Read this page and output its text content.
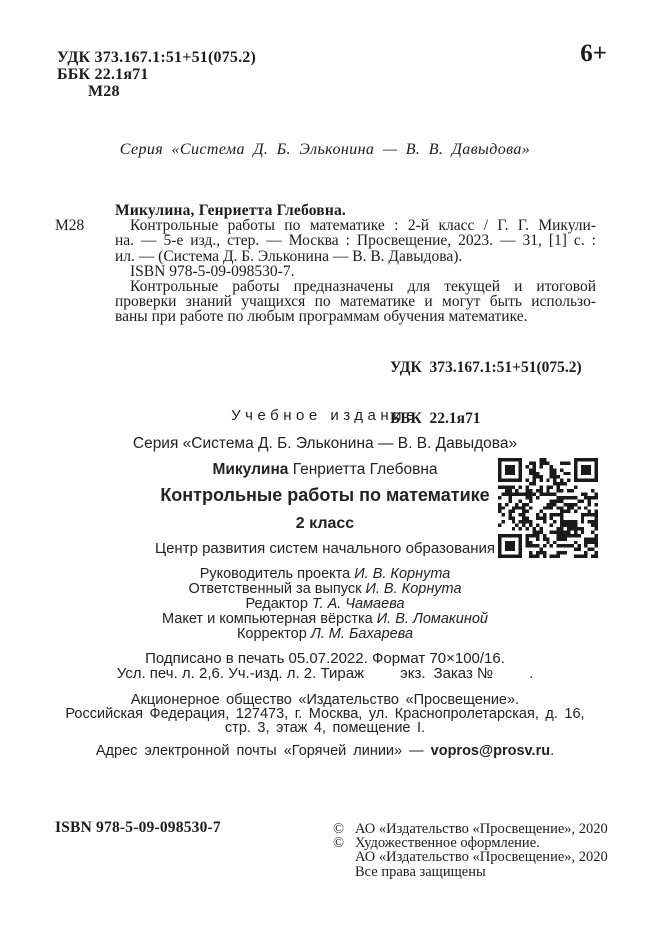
УДК 373.167.1:51+51(075.2)
ББК 22.1я71
М28
6+
Серия «Система Д. Б. Эльконина — В. В. Давыдова»
Микулина, Генриетта Глебовна.
М28	Контрольные работы по математике : 2-й класс / Г. Г. Микули-
на. — 5-е изд., стер. — Москва : Просвещение, 2023. — 31, [1] с. :
ил. — (Система Д. Б. Эльконина — В. В. Давыдова).
ISBN 978-5-09-098530-7.
Контрольные работы предназначены для текущей и итоговой
проверки знаний учащихся по математике и могут быть использо-
ваны при работе по любым программам обучения математике.

УДК  373.167.1:51+51(075.2)

ББК  22.1я71

Учебное издание
Серия «Система Д. Б. Эльконина — В. В. Давыдова»
Микулина Генриетта Глебовна
Контрольные работы по математике
2 класс
Центр развития систем начального образования
Руководитель проекта И. В. Корнута
Ответственный за выпуск И. В. Корнута
Редактор Т. А. Чамаева
Макет и компьютерная вёрстка И. В. Ломакиной
Корректор Л. М. Бахарева
Подписано в печать 05.07.2022. Формат 70×100/16.
Усл. печ. л. 2,6. Уч.-изд. л. 2. Тираж экз. Заказ № .
Акционерное общество «Издательство «Просвещение».
Российская Федерация, 127473, г. Москва, ул. Краснопролетарская, д. 16,
стр. 3, этаж 4, помещение I.
Адрес электронной почты «Горячей линии» — vopros@prosv.ru.
ISBN 978-5-09-098530-7	© АО «Издательство «Просвещение», 2020
© Художественное оформление.
АО «Издательство «Просвещение», 2020
Все права защищены
